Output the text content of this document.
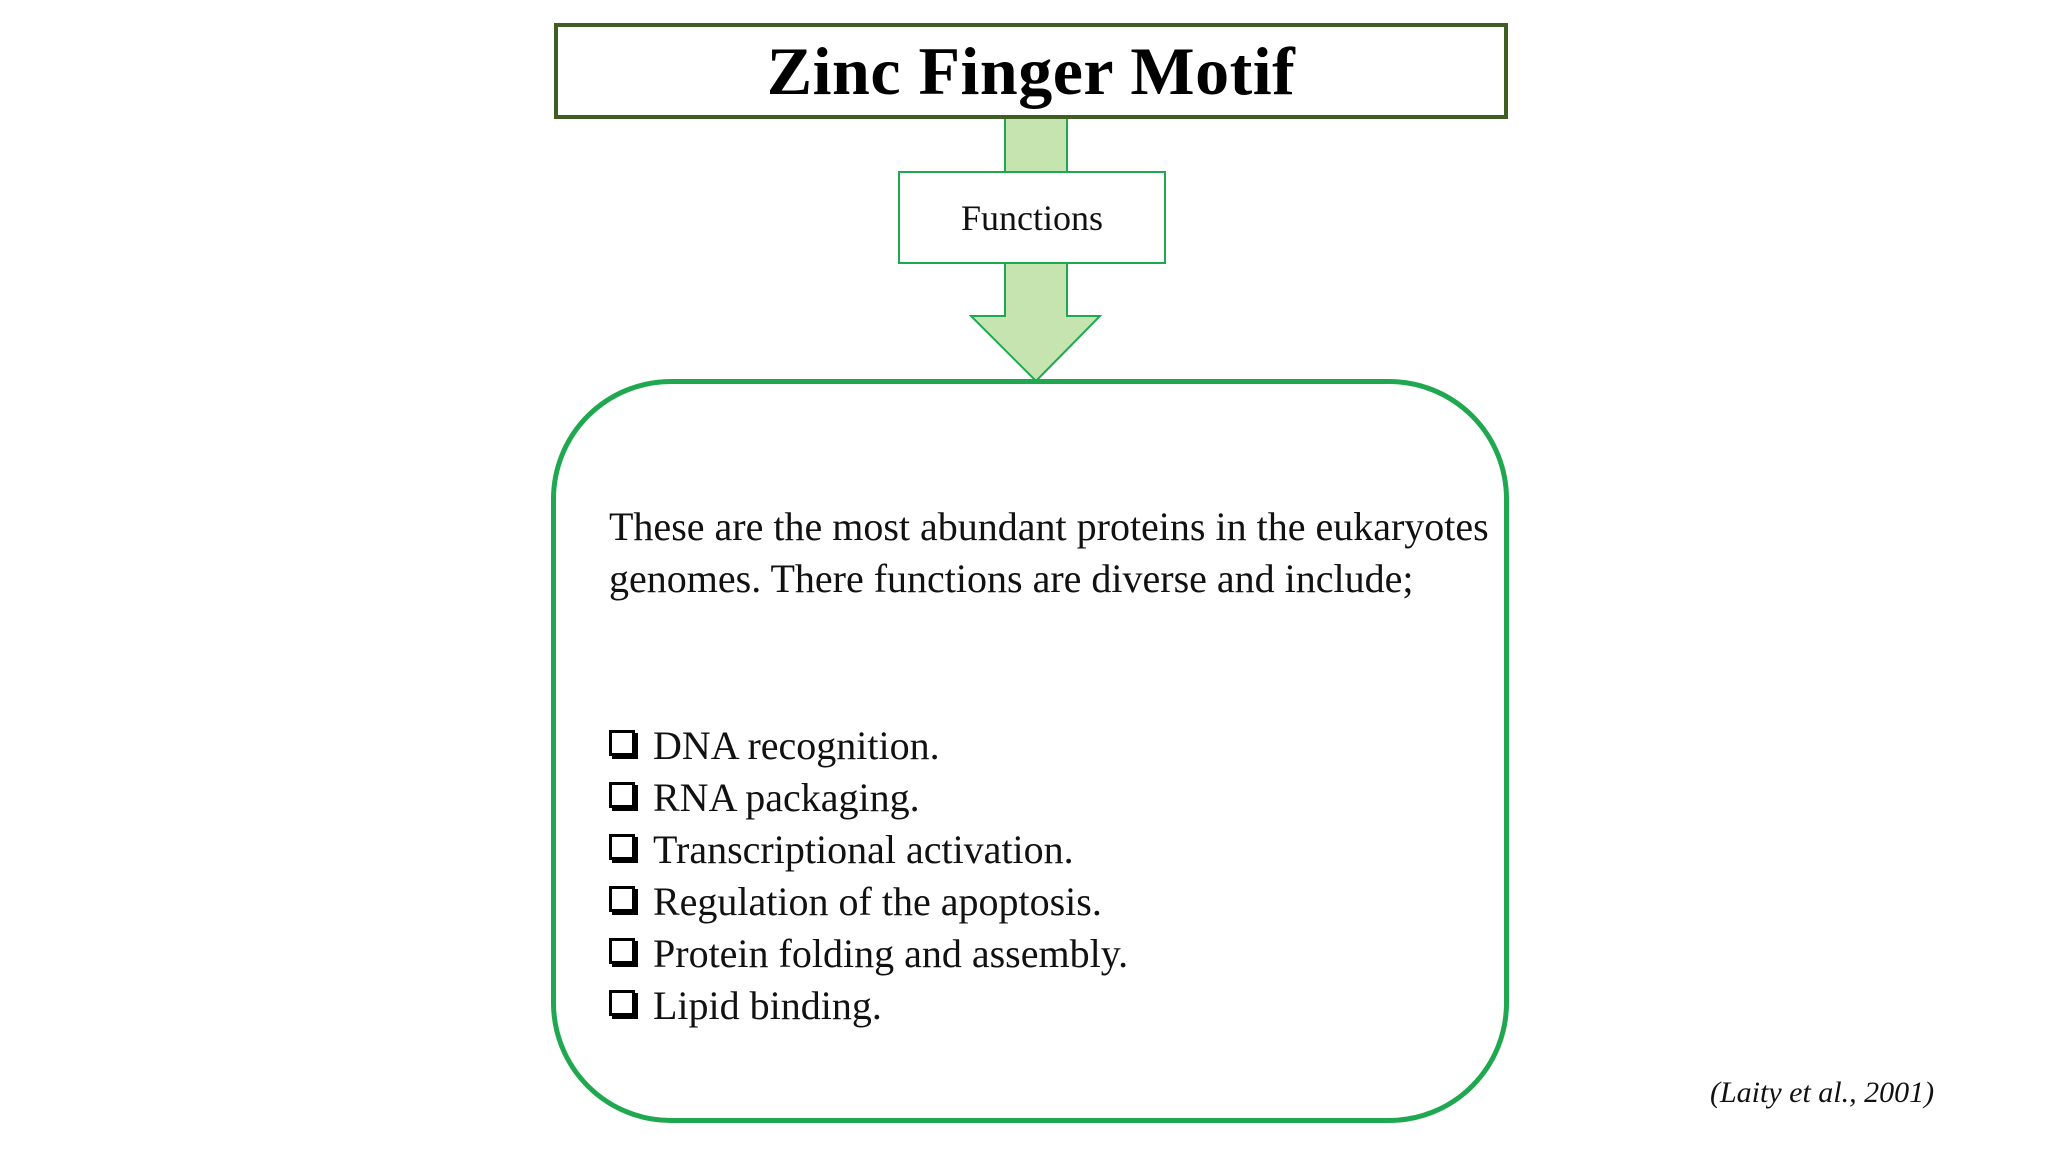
Zinc Finger Motif
Functions

These are the most abundant proteins in the eukaryotes genomes. There functions are diverse and include;

DNA recognition.
RNA packaging.
Transcriptional activation.
Regulation of the apoptosis.
Protein folding and assembly.
Lipid binding.
(Laity et al., 2001)
